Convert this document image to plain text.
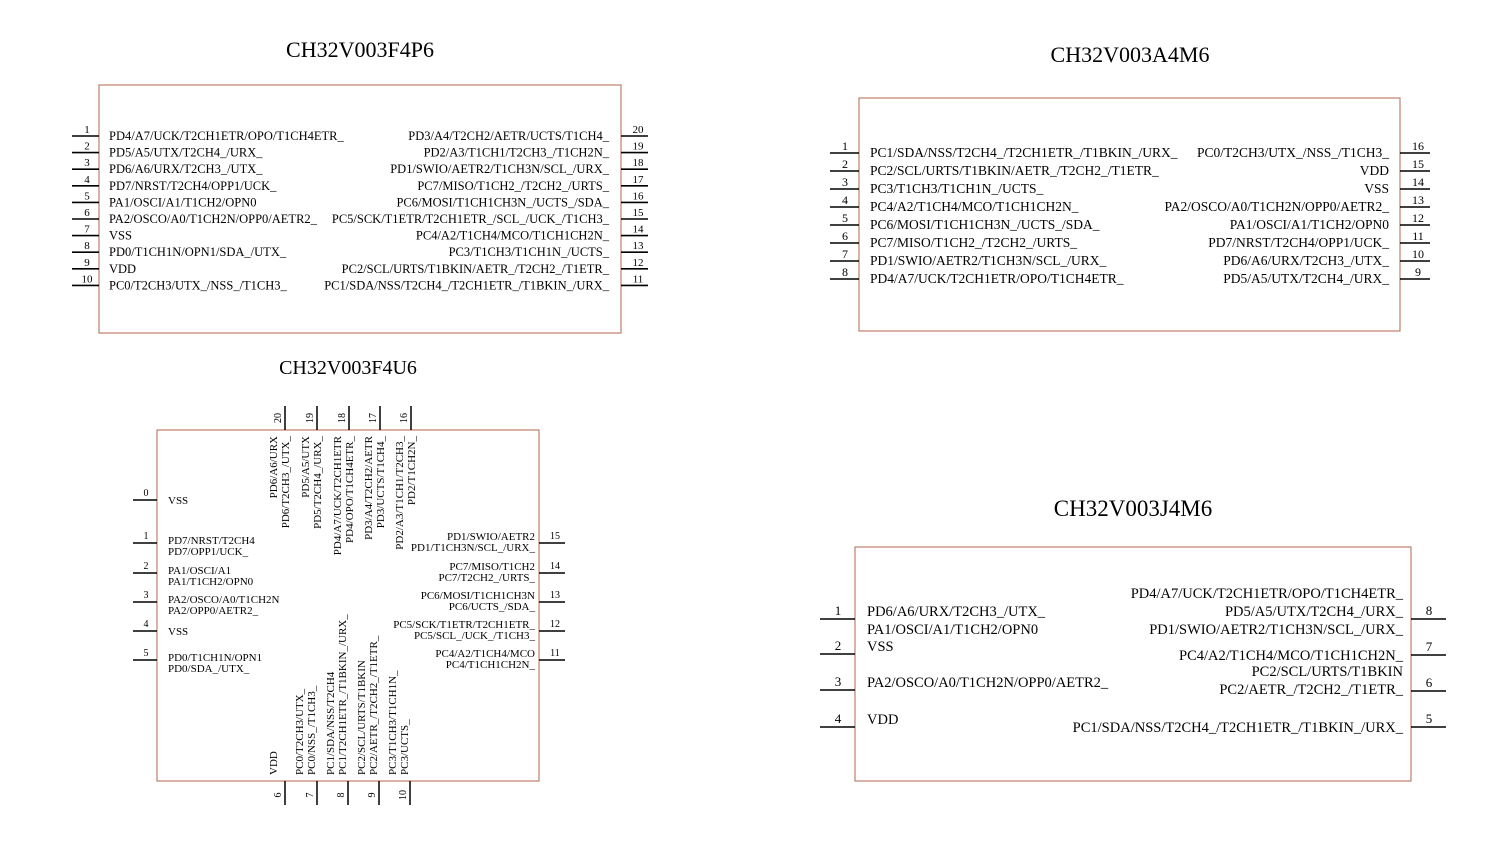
CH32V003F4P6
1 PD4/A7/UCK/T2CH1ETR/OPO/T1CH4ETR_
2 PD5/A5/UTX/T2CH4_/URX_
3 PD6/A6/URX/T2CH3_/UTX_
4 PD7/NRST/T2CH4/OPP1/UCK_
5 PA1/OSCI/A1/T1CH2/OPN0
6 PA2/OSCO/A0/T1CH2N/OPP0/AETR2_
7 VSS
8 PD0/T1CH1N/OPN1/SDA_/UTX_
9 VDD
10 PC0/T2CH3/UTX_/NSS_/T1CH3_
20
PD3/A4/T2CH2/AETR/UCTS/T1CH4_
19
PD2/A3/T1CH1/T2CH3_/T1CH2N_
18
PD1/SWIO/AETR2/T1CH3N/SCL_/URX_
17
PC7/MISO/T1CH2_/T2CH2_/URTS_
16
PC6/MOSI/T1CH1CH3N_/UCTS_/SDA_
15
PC5/SCK/T1ETR/T2CH1ETR_/SCL_/UCK_/T1CH3_
14
PC4/A2/T1CH4/MCO/T1CH1CH2N_
13
PC3/T1CH3/T1CH1N_/UCTS_
12
PC2/SCL/URTS/T1BKIN/AETR_/T2CH2_/T1ETR_
11
PC1/SDA/NSS/T2CH4_/T2CH1ETR_/T1BKIN_/URX_
CH32V003A4M6
1 PC1/SDA/NSS/T2CH4_/T2CH1ETR_/T1BKIN_/URX_
2 PC2/SCL/URTS/T1BKIN/AETR_/T2CH2_/T1ETR_
3 PC3/T1CH3/T1CH1N_/UCTS_
4 PC4/A2/T1CH4/MCO/T1CH1CH2N_
5 PC6/MOSI/T1CH1CH3N_/UCTS_/SDA_
6 PC7/MISO/T1CH2_/T2CH2_/URTS_
7 PD1/SWIO/AETR2/T1CH3N/SCL_/URX_
8 PD4/A7/UCK/T2CH1ETR/OPO/T1CH4ETR_
16
PC0/T2CH3/UTX_/NSS_/T1CH3_
15
VDD
14
VSS
13
PA2/OSCO/A0/T1CH2N/OPP0/AETR2_
12
PA1/OSCI/A1/T1CH2/OPN0
11
PD7/NRST/T2CH4/OPP1/UCK_
10
PD6/A6/URX/T2CH3_/UTX_
9
PD5/A5/UTX/T2CH4_/URX_
CH32V003F4U6
0
VSS
1 PD7/NRST/T2CH4
PD7/OPP1/UCK_
2 PA1/OSCI/A1
PA1/T1CH2/OPN0
3 PA2/OSCO/A0/T1CH2N
PA2/OPP0/AETR2_
4
VSS
5 PD0/T1CH1N/OPN1
PD0/SDA_/UTX_
15
PD1/SWIO/AETR2
PD1/T1CH3N/SCL_/URX_
14
PC7/MISO/T1CH2
PC7/T2CH2_/URTS_
13
PC6/MOSI/T1CH1CH3N
PC6/UCTS_/SDA_
12
PC5/SCK/T1ETR/T2CH1ETR_
PC5/SCL_/UCK_/T1CH3_
11
PC4/A2/T1CH4/MCO
PC4/T1CH1CH2N_
20
PD6/A6/URX PD6/T2CH3_/UTX_
19
PD5/A5/UTX PD5/T2CH4_/URX_
18
PD4/A7/UCK/T2CH1ETR PD4/OPO/T1CH4ETR_
17
PD3/A4/T2CH2/AETR PD3/UCTS/T1CH4_
16
PD2/A3/T1CH1/T2CH3_ PD2/T1CH2N_
6
VDD
7
PC0/T2CH3/UTX_ PC0/NSS_/T1CH3_
8
PC1/SDA/NSS/T2CH4 PC1/T2CH1ETR_/T1BKIN_/URX_
9
PC2/SCL/URTS/T1BKIN PC2/AETR_/T2CH2_/T1ETR_
10
PC3/T1CH3/T1CH1N_ PC3/UCTS_
CH32V003J4M6
1 PD6/A6/URX/T2CH3_/UTX_
PA1/OSCI/A1/T1CH2/OPN0
2 VSS
3 PA2/OSCO/A0/T1CH2N/OPP0/AETR2_
4 VDD
8
PD4/A7/UCK/T2CH1ETR/OPO/T1CH4ETR_
PD5/A5/UTX/T2CH4_/URX_
PD1/SWIO/AETR2/T1CH3N/SCL_/URX_
7
PC4/A2/T1CH4/MCO/T1CH1CH2N_
6
PC2/SCL/URTS/T1BKIN
PC2/AETR_/T2CH2_/T1ETR_
5
PC1/SDA/NSS/T2CH4_/T2CH1ETR_/T1BKIN_/URX_
